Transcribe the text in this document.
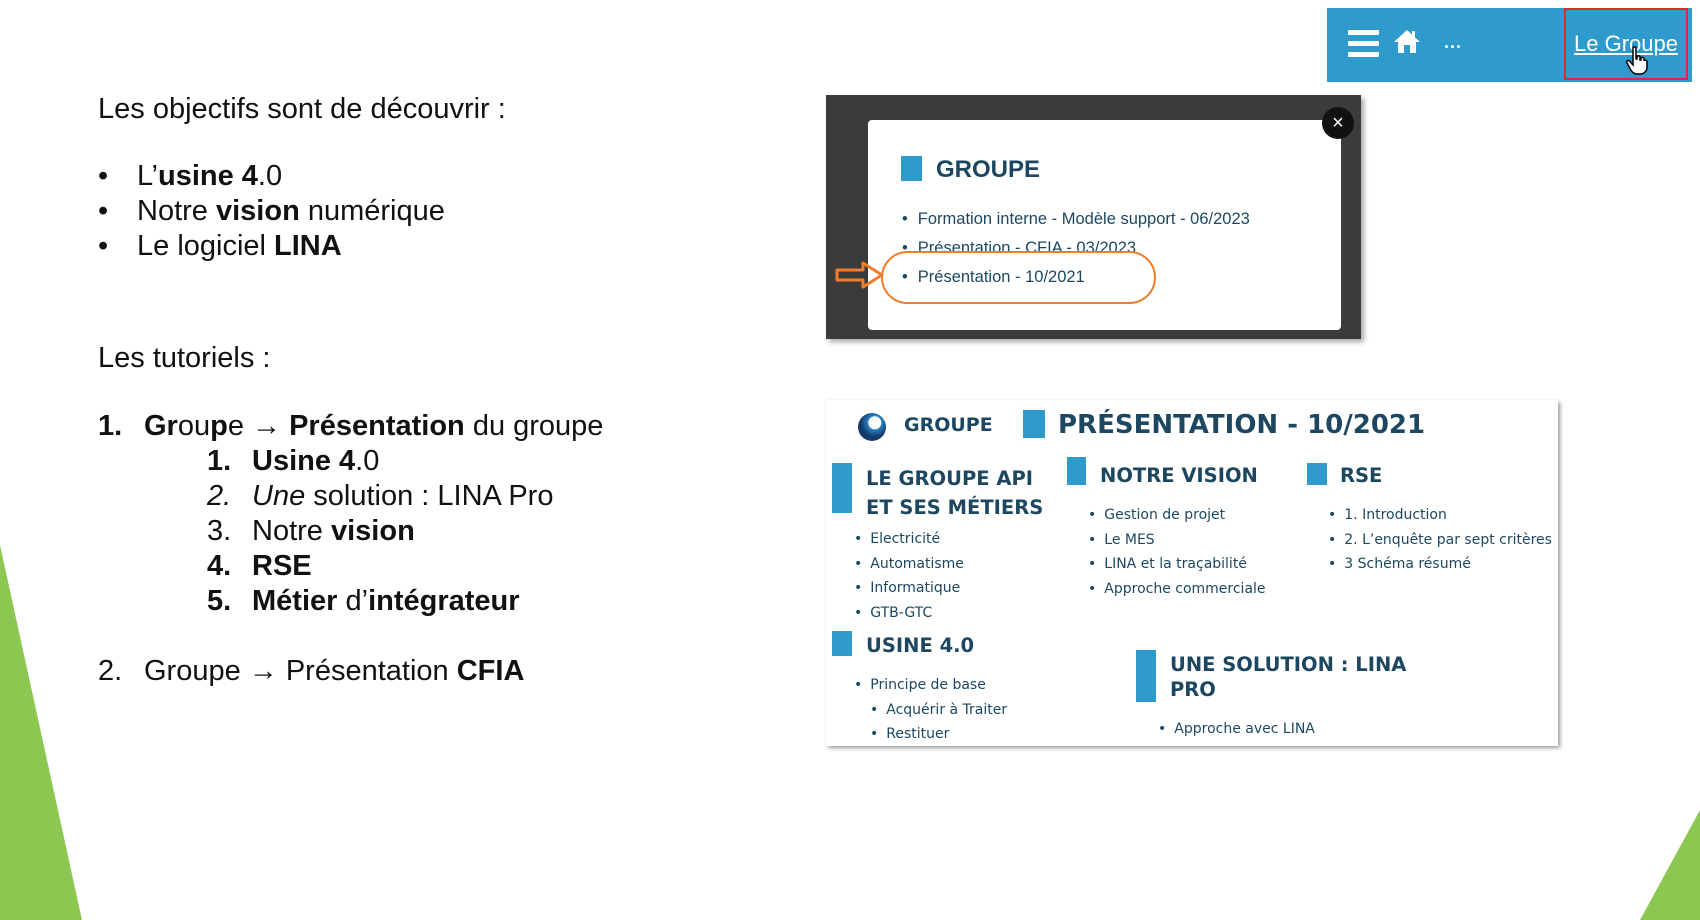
Les objectifs sont de découvrir :

• L’usine 4.0
• Notre vision numérique
• Le logiciel LINA

Les tutoriels :

1. Groupe → Présentation du groupe
1. Usine 4.0
2. Une solution : LINA Pro
3. Notre vision
4. RSE
5. Métier d’intégrateur
2. Groupe → Présentation CFIA
...	Le Groupe
GROUPE
• Formation interne - Modèle support - 06/2023
• Présentation - CFIA - 03/2023
• Présentation - 10/2021
×
GROUPE	PRÉSENTATION - 10/2021
LE GROUPE API
ET SES MÉTIERS
• Electricité
• Automatisme
• Informatique
• GTB-GTC
NOTRE VISION
• Gestion de projet
• Le MES
• LINA et la traçabilité
• Approche commerciale
RSE
• 1. Introduction
• 2. L’enquête par sept critères
• 3 Schéma résumé
USINE 4.0
• Principe de base
• Acquérir à Traiter
• Restituer
UNE SOLUTION : LINA
PRO
• Approche avec LINA
